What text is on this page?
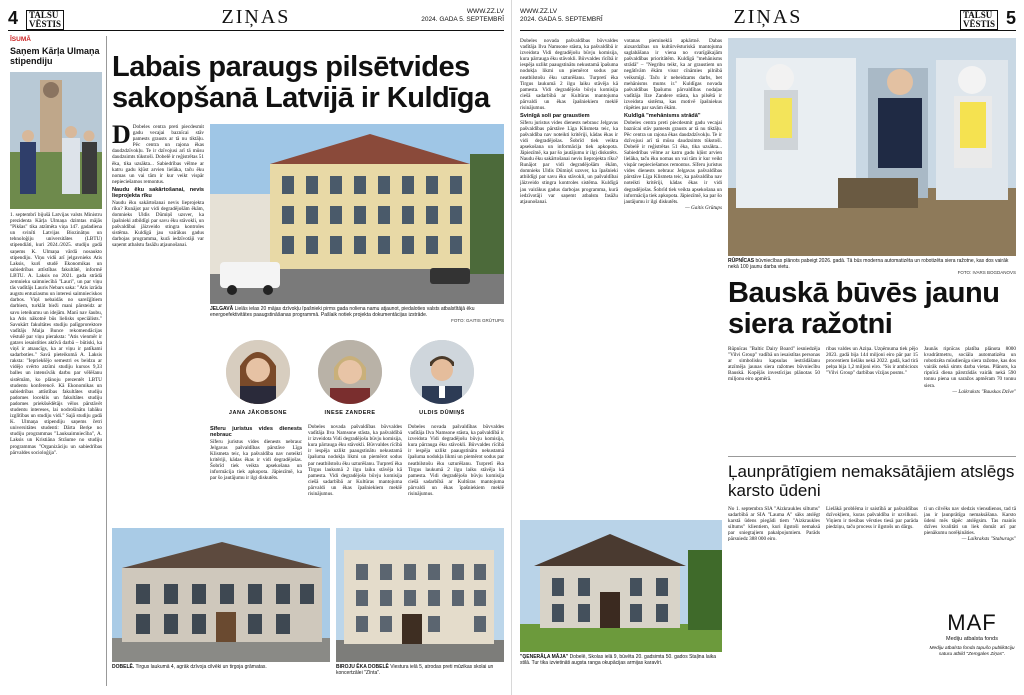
4	TALSU
VĒSTIS	ZIŅAS	WWW.ZZ.LV
2024. GADA 5. SEPTEMBRĪ
ĪSUMĀ
Saņem Kārļa Ulmaņa stipendiju
1. septembrī bijušā Latvijas valsts Ministru prezidenta Kārļa Ulmaņa dzimtas mājās "Pikšas" tika atzīmēta viņa 147. gadadiena un svinīti Latvijas Biozinātņu un tehnoloģiju universitātes (LBTU) stipendiāti, kuri 2024./2025. studiju gadā saņems K. Ulmaņa vārdā nosaukto stipendiju. Viņu vidū arī jelgavnieks Atis Laksis, kurš studē Ekonomikas un sabiedrības attīstības fakultātē, informē LBTU. A. Laksis no 2021. gada strādā zemnieku saimniecībā "Lauri", un par viņu tās vadītājs Lauris Nebars saka: "Atis izrāda augstu entuziasmu un interesi saimnieciskos darbos. Viņš nebaidās no sarežģītiem darbiem, turklāt bieži mani pārsteidz ar savu ieteikumu un idejām. Manī nav šaubu, ka Atis nākotnē būs lielisks speciālists." Savukārt fakultātes studiju palīgprorektore vadītājs Maija Bunce rekomendācijas vēstulē par viņu pieraksta: "Atis vienmēr ir gatavs iesaistīties aktīvā darbā – būtiski, ka viņš ir atsaucīgs, ka ar viņu ir patīkami sadarboties." Savā pieteikumā A. Laksis raksta: "Iepriekšējo semestri es beidzu ar vidējo svērto atzīmi studiju kursos 9,33 balles un intensīvāk darbu par vēlēšanu sistēmām, ko plānoju prezentēt LBTU studentu konferencē. Kā Ekonomikas un sabiedrības attīstības fakultātes studiju padomes loceklis un fakultātes studiju padomes priekšsēdētājs vēlos pārstāvēt studentu intereses, lai nodrošinātu labāku izglītības un studiju vidi." Sajā studiju gadā K. Ulmaņa stipendiju saņems četri universitātes studenti: Dārta Berķe no studiju programmas "Lauksaimniecība", A. Laksis un Kristiāna Strāume no studiju programmas "Organizāciju un sabiedrības pārvaldes socioloģija".
Labais paraugs pilsētvides sakopšanā Latvijā ir Kuldīga
D Dobeles centra preti piecdesmit gadu vecajai baznīcai stāv pamests grausts ar tā nu tiktāļu. Pēc centra un rajona ēkas daudzdzīvokļu. Te ir dzīvojusi arī tā mūsu daudzsimts tūkstoši. Dobelē ir reģistrētas 51 ēka, tika uzsākta... Sabiedrības vēlme ar katru gadu kļūst arvien lielāka, taču ēku nomas un vai tām ir kur veikt vispār nepieciešamos remontus.
Naudu ēku sakārtošanai, nevis lieprojekta rīku
Naudu ēku sakārtošanai nevis lieprojekta rīku? Runājot par vidi degradējošām ēkām, domnieks Uldis Dūmiņš uzsver, ka īpašnieki atbildīgi par savu ēku stāvokli, un pašvaldībai jāizveido stingra kontroles sistēma. Kuldīgā jau vairākus gadus darbojas programma, kurā iedzīvotāji var saņemt atbalstu fasāžu atjaunošanai.
JELGAVĀ Lielās ielas 20 mājas dzīvokļu īpašnieki pirms gada noliena namu atjaunot, piedaloties valsts atbalstītājā ēku energoefektivitātes paaugstināšanas programmā. Pašlaik notiek projekta dokumentācijas izstrāde.
FOTO: GAITIS GRŪTUPS
JANA JĀKOBSONE	INESE ZANDERE	ULDIS DŪMIŅŠ
Sīferu juristus vides dienests nebrauc
Sīferu juristus vides dienests nebrauc Jelgavas pašvaldības pārstāve Līga Klismeta teic, ka pašvaldība nav noteikti kritēriji, kādas ēkas ir vidi degradējošas. Šobrīd tiek veikta apsekošana un informācija tiek apkopota. Jāpiezīmē, ka par šo jautājumu ir ilgi diskutēts.
Dobeles novada pašvaldības būvvaldes vadītāja Ilva Namsone stāsta, ka pašvaldībā ir izveidota Vidi degradējošu būvju komisija, kura pārrauga ēku stāvokli. Būvvaldes rīcībā ir iespēja uzlikt paaugstinātu nekustamā īpašuma nodokļa likmi un piemērot sodus par neatbilstošu ēku uzturēšanu. Turpretī ēka Tirgus laukumā 2 ilgu laiku stāvēja kā pamesta. Vidi degradējošo būvju komisija ciešā sadarbībā ar Kultūras mantojuma pārvaldi un ēkas īpašniekiem meklē risinājumus.
Dobeles novada pašvaldības būvvaldes vadītāja Ilva Namsone stāsta, ka pašvaldībā ir izveidota Vidi degradējošu būvju komisija, kura pārrauga ēku stāvokli. Būvvaldes rīcībā ir iespēja uzlikt paaugstinātu nekustamā īpašuma nodokļa likmi un piemērot sodus par neatbilstošu ēku uzturēšanu. Turpretī ēka Tirgus laukumā 2 ilgu laiku stāvēja kā pamesta. Vidi degradējošo būvju komisija ciešā sadarbībā ar Kultūras mantojuma pārvaldi un ēkas īpašniekiem meklē risinājumus.
DOBELĒ. Tirgus laukumā 4, agrāk dzīvoja cilvēki un tirgoja grāmatas.	BIROJU ĒKA DOBELĒ Viestura ielā 5, atrodas preti mūzikas skolai un koncertzālei "Zīnta".
WWW.ZZ.LV
2024. GADA 5. SEPTEMBRĪ	ZIŅAS	TALSU
VĒSTIS 5
Dobeles novada pašvaldības būvvaldes vadītāja Ilva Namsone stāsta, ka pašvaldībā ir izveidota Vidi degradējošu būvju komisija, kura pārrauga ēku stāvokli. Būvvaldes rīcībā ir iespēja uzlikt paaugstinātu nekustamā īpašuma nodokļa likmi un piemērot sodus par neatbilstošu ēku uzturēšanu. Turpretī ēka Tirgus laukumā 2 ilgu laiku stāvēja kā pamesta. Vidi degradējošo būvju komisija ciešā sadarbībā ar Kultūras mantojuma pārvaldi un ēkas īpašniekiem meklē risinājumus.
Svinīgā soli par graustiem
Sīferu juristus vides dienests nebrauc Jelgavas pašvaldības pārstāve Līga Klismeta teic, ka pašvaldība nav noteikti kritēriji, kādas ēkas ir vidi degradējošas. Šobrīd tiek veikta apsekošana un informācija tiek apkopota. Jāpiezīmē, ka par šo jautājumu ir ilgi diskutēts. Naudu ēku sakārtošanai nevis lieprojekta rīku? Runājot par vidi degradējošām ēkām, domnieks Uldis Dūmiņš uzsver, ka īpašnieki atbildīgi par savu ēku stāvokli, un pašvaldībai jāizveido stingra kontroles sistēma. Kuldīgā jau vairākus gadus darbojas programma, kurā iedzīvotāji var saņemt atbalstu fasāžu atjaunošanai.
votanas piemineklā apkārtnē. Dabas aizsardzības un kultūrvēsturiskā mantojuma saglabāšana ir viena no svarīgākajām pašvaldības prioritātēm. Kuldīgā "mehānisms strādā" – "Negribu teikt, ka ar graustiem un negātīvām ēkām visur cīnāmies pilnībā veiksmīgi. Taču ir nebeidzams darbs, bet mehānisms mums ir." Kuldīgas novada pašvaldības Īpašumu pārvaldības nodaļas vadītāja Ilze Zandere stāsta, ka pilsētā ir izveidota sistēma, kas motivē īpašniekus rūpēties par savām ēkām.
Kuldīgā "mehānisms strādā"
Dobeles centra preti piecdesmit gadu vecajai baznīcai stāv pamests grausts ar tā nu tiktāļu. Pēc centra un rajona ēkas daudzdzīvokļu. Te ir dzīvojusi arī tā mūsu daudzsimts tūkstoši. Dobelē ir reģistrētas 51 ēka, tika uzsākta... Sabiedrības vēlme ar katru gadu kļūst arvien lielāka, taču ēku nomas un vai tām ir kur veikt vispār nepieciešamos remontus. Sīferu juristus vides dienests nebrauc Jelgavas pašvaldības pārstāve Līga Klismeta teic, ka pašvaldība nav noteikti kritēriji, kādas ēkas ir vidi degradējošas. Šobrīd tiek veikta apsekošana un informācija tiek apkopota. Jāpiezīmē, ka par šo jautājumu ir ilgi diskutēts.
— Gaitis Grūtups
"ĢENERĀĻA MĀJA" Dobelē, Skolas ielā 9, būvēta 20. gadsimta 50. gados Staļina laika stilā. Tur tika izvietināti augsta ranga okupācijas armijas karavīri.
RŪPNĪCAS būvniecības plānots pabeigt 2026. gadā. Tā būs moderna automatizēta un robotizēta siera ražotne, kas dos vairāk nekā 100 jaunu darba vietu.
FOTO: IVARS BOGDANOVS
Bauskā būvēs jaunu siera ražotni
Rūpnīcas "Baltic Dairy Board" iesniedzēja "Vilvi Group" vadībā un iesaistītas personas ar simbolisku kapsulas iestrādāšanu atzīmēja jaunas siera ražotnes būvniecību Bauskā. Kopējās investīcijas plānotas 50 miljonu eiro apmērā.
ribas valdes un Aziņa. Uzņēmuma tiek pējo 2023. gadā bija 144 miljoni eiro pār par 15 procentiem lielāks nekā 2022. gadā, kad tirā pelņa bija 1,2 miljoni eiro. "Sis ir ambiciozs "Vilvi Group" darbības vīzijas posms."
Jaunās ripnīcas platība plānota 8000 kvadrātmetru, sociāla automatizēta un robotizēta mūsdienīga siera ražotne, kas dos vairāk nekā simts darba vietas. Plānots, ka ripnīcā diena pārstrādās vairāk nekā 590 tonnu piena un saražos apmēram 70 tonnu siera.
— Laikraksts "Bauskas Dzīve"
Ļaunprātīgiem nemaksātājiem atslēgs karsto ūdeni
No 1. septembra SIA "Aizkraukles siltums" sadarbībā ar SIA "Lauma A" sāks atslēgt karstā ūdens piegādi tiem "Aizkraukles siltums" klientiem, kuri ilgstoši nemaksā par sniegtajiem pakalpojumiem. Parāds pārsniedz 388 000 eiro.
Lielākā problēma ir saistībā ar pašvaldības dzīvokļiem, kuras pašvaldība ir uzvilkusi. Viņiem ir tiesības vērsties tiesā par parāda piedziņu, taču process ir ilgstošs un dārgs.
ti un cilvēks nav sledzis viensdienos, tad tā jau ir ļaunprātīga nemaksāšana. Karsto ūdeni mēs tāpēc atslēgsim. Tas mainīs dzīves kvalitāti un liek domāt arī par pienākumu norēķināties.
— Laikraksts "Staburags"
MAF
Mediju atbalsta fonds
Mediju atbalsta fonda tapušo publikāciju saturu atbild "Zemgales Ziņas".
